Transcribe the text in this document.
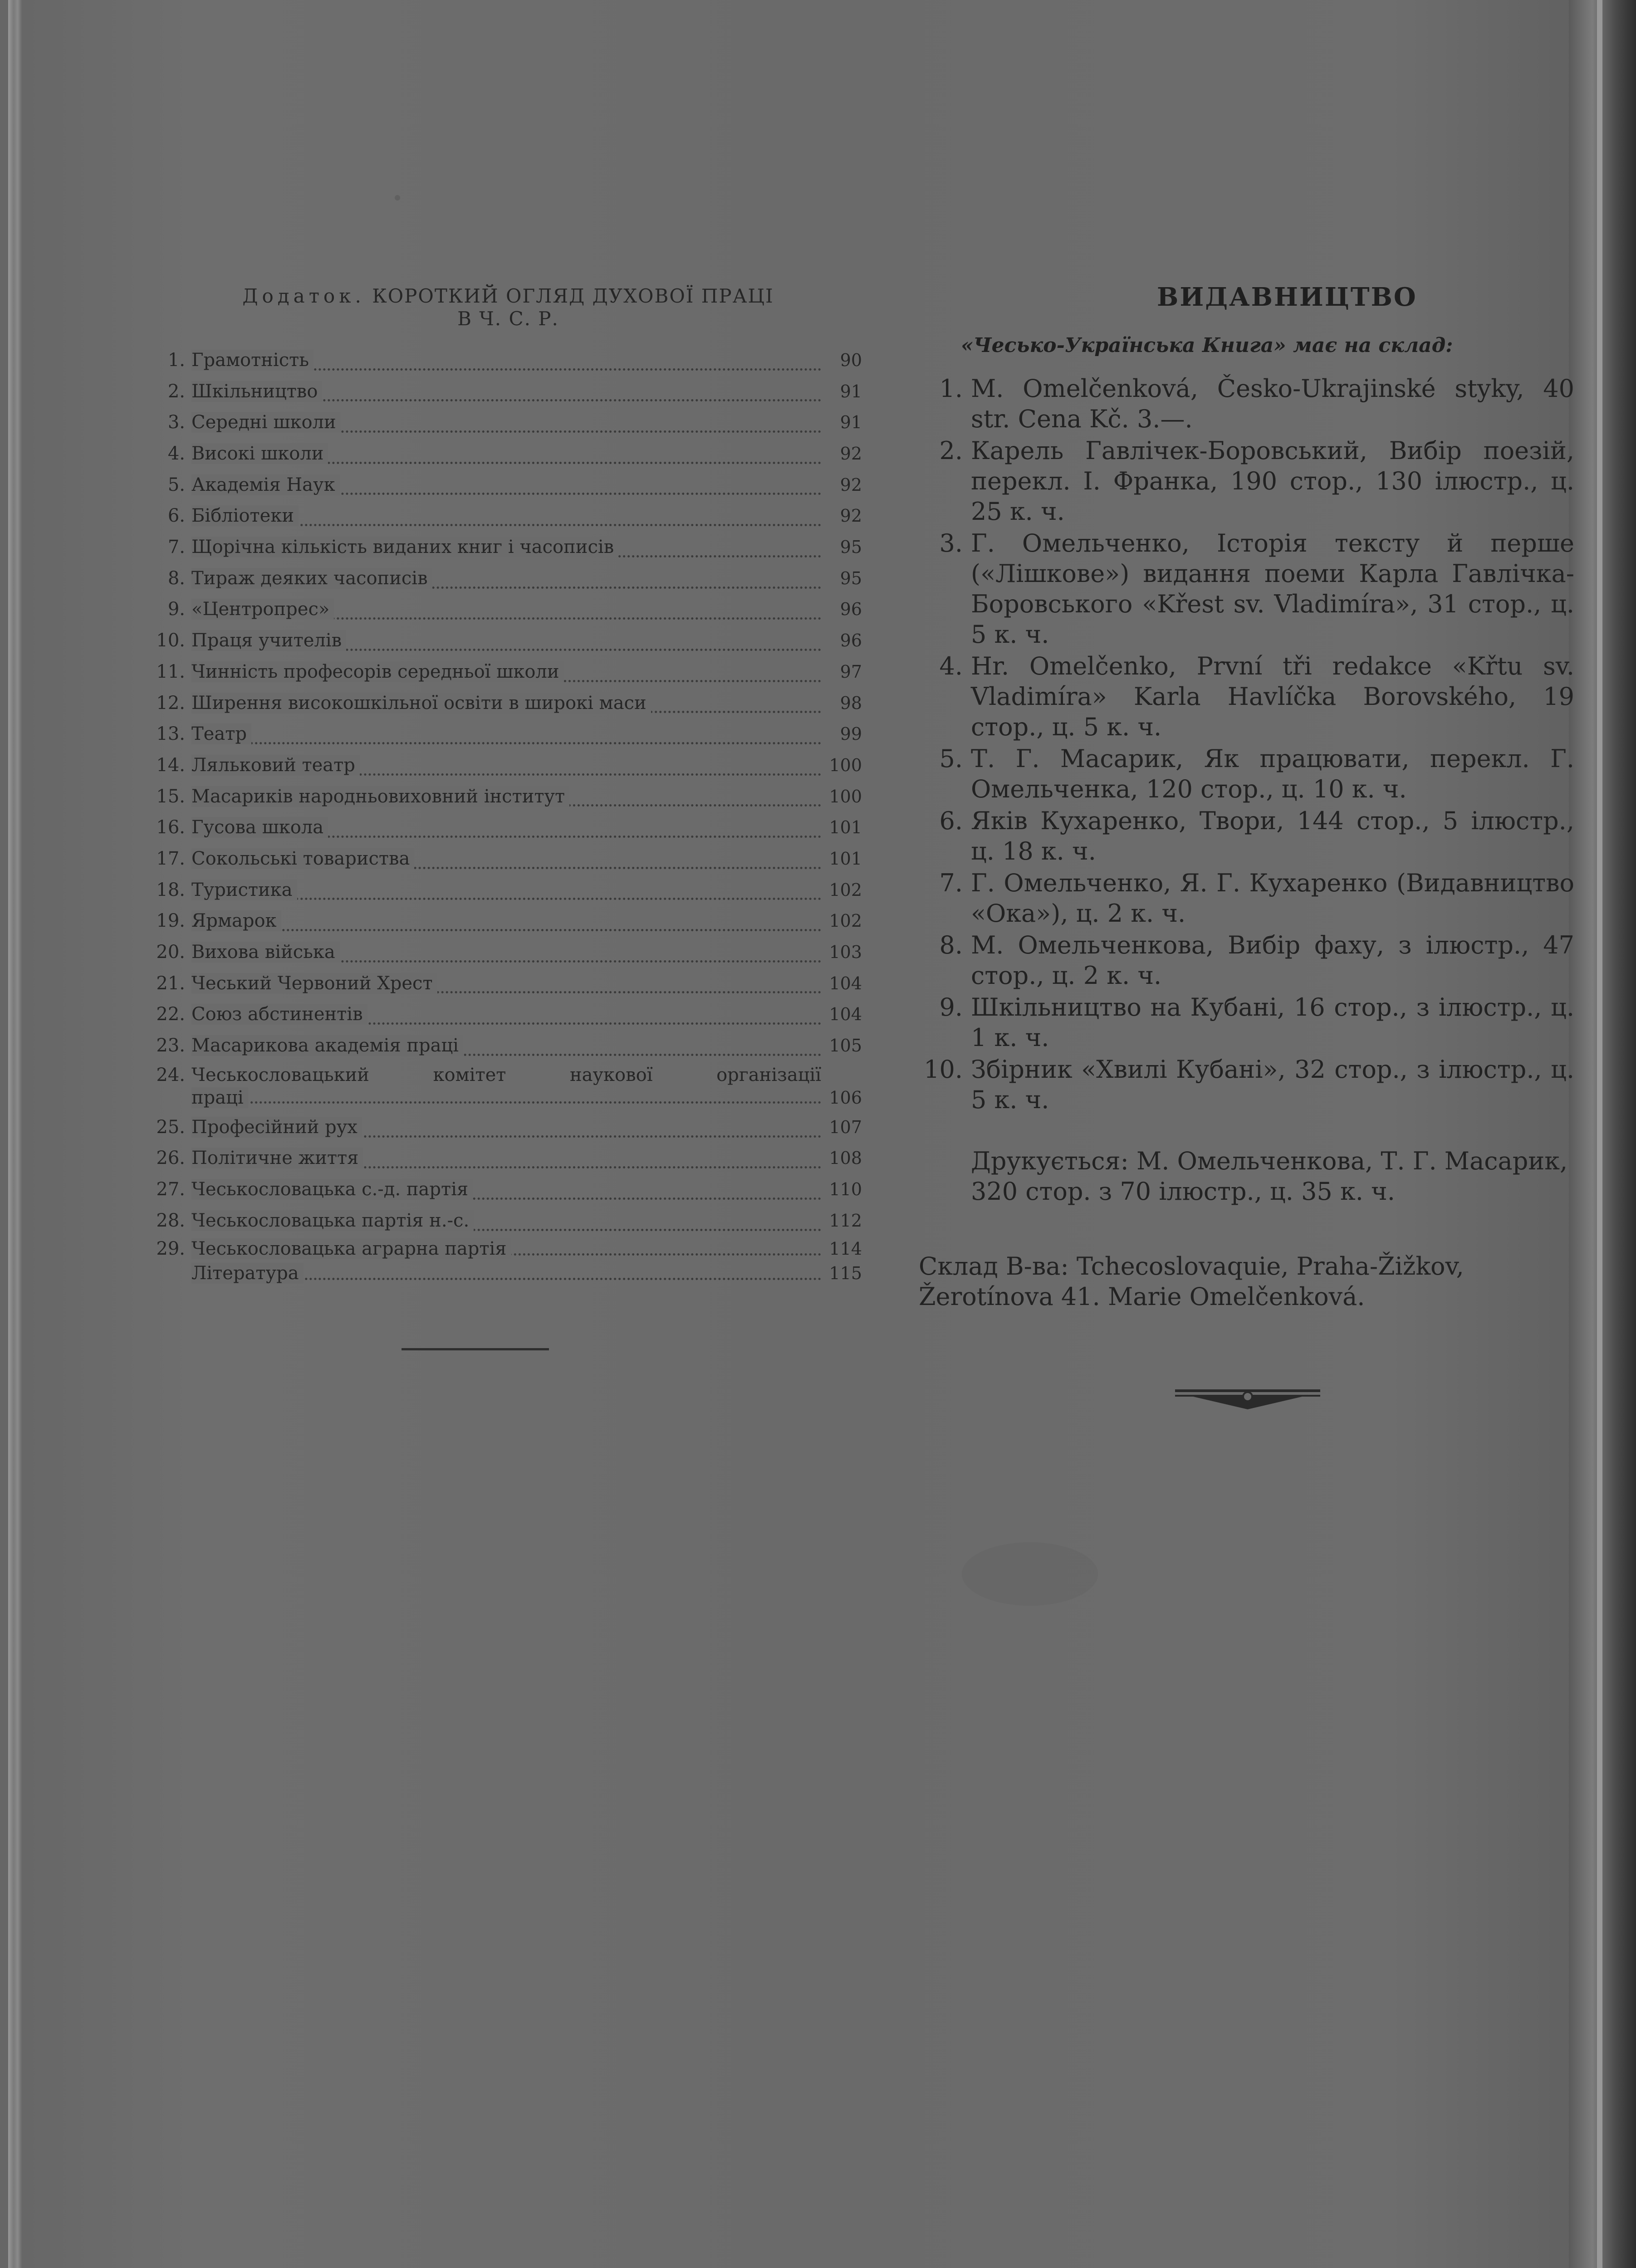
Додаток. КОРОТКИЙ ОГЛЯД ДУХОВОЇ ПРАЦІ
В Ч. С. Р.
1. Грамотність	90
2. Шкільництво	91
3. Середні школи	91
4. Високі школи	92
5. Академія Наук	92
6. Бібліотеки	92
7. Щорічна кількість виданих книг і часописів	95
8. Тираж деяких часописів	95
9. «Центропрес»	96
10. Праця учителів	96
11. Чинність професорів середньої школи	97
12. Ширення високошкільної освіти в широкі маси	98
13. Театр	99
14. Ляльковий театр	100
15. Масариків народньовиховний інститут	100
16. Гусова школа	101
17. Сокольські товариства	101
18. Туристика	102
19. Ярмарок	102
20. Вихова війська	103
21. Чеський Червоний Хрест	104
22. Союз абстинентів	104
23. Масарикова академія праці	105
24. Чеськословацький комітет наукової організації
праці	106
25. Професійний рух	107
26. Політичне життя	108
27. Чеськословацька с.-д. партія	110
28. Чеськословацька партія н.-с.	112
29. Чеськословацька аграрна партія	114
Література	115
ВИДАВНИЦТВО
«Чесько-Українська Книга» має на склад:
1. M. Omelčenková, Česko-Ukrajinské styky, 40 str. Cena Kč. 3.—.
2. Карель Гавлічек-Боровський, Вибір поезій, перекл. І. Франка, 190 стор., 130 ілюстр., ц. 25 к. ч.
3. Г. Омельченко, Історія тексту й перше («Лішкове») видання поеми Карла Гавлічка-Боровського «Křest sv. Vladimíra», 31 стор., ц. 5 к. ч.
4. Hr. Omelčenko, První tři redakce «Křtu sv. Vladimíra» Karla Havlíčka Borovského, 19 стор., ц. 5 к. ч.
5. Т. Г. Масарик, Як працювати, перекл. Г. Омельченка, 120 стор., ц. 10 к. ч.
6. Яків Кухаренко, Твори, 144 стор., 5 ілюстр., ц. 18 к. ч.
7. Г. Омельченко, Я. Г. Кухаренко (Видавництво «Ока»), ц. 2 к. ч.
8. М. Омельченкова, Вибір фаху, з ілюстр., 47 стор., ц. 2 к. ч.
9. Шкільництво на Кубані, 16 стор., з ілюстр., ц. 1 к. ч.
10. Збірник «Хвилі Кубані», 32 стор., з ілюстр., ц. 5 к. ч.
Друкується: М. Омельченкова, Т. Г. Масарик, 320 стор. з 70 ілюстр., ц. 35 к. ч.
Склад В-ва: Tchecoslovaquie, Praha-Žižkov, Žerotínova 41. Marie Omelčenková.
